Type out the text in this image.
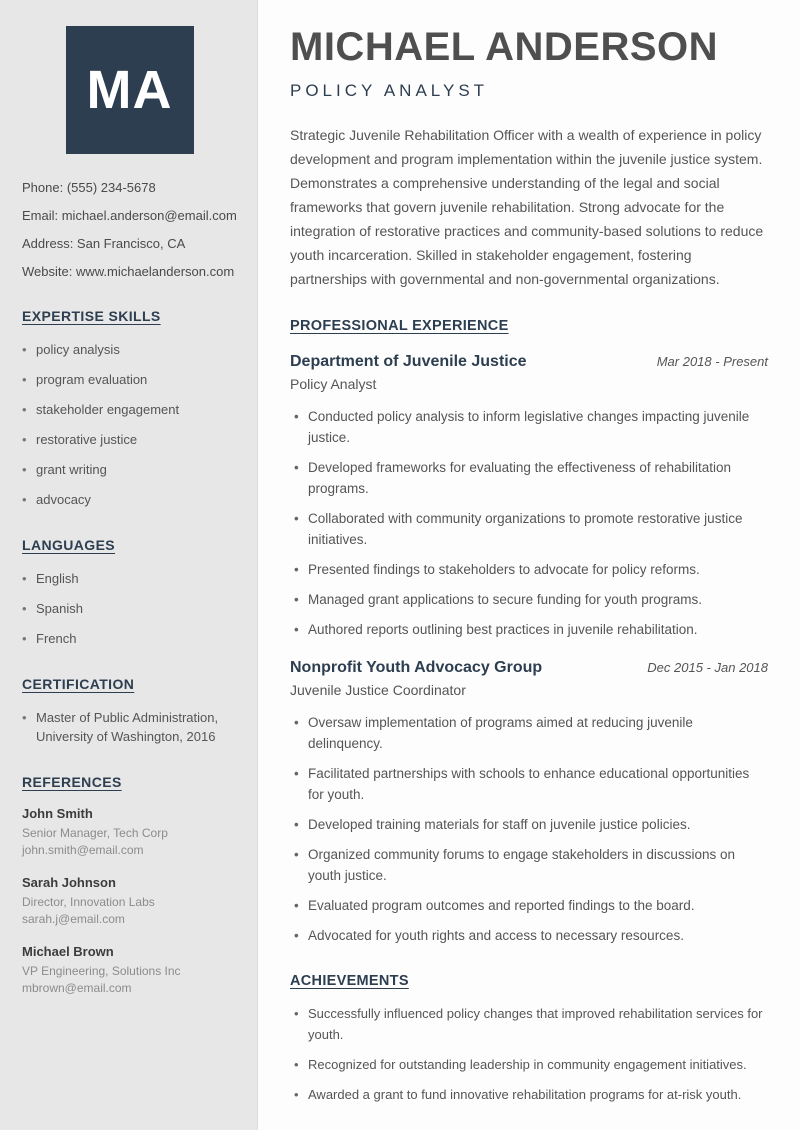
MA
Phone: (555) 234-5678
Email: michael.anderson@email.com
Address: San Francisco, CA
Website: www.michaelanderson.com
EXPERTISE SKILLS
• policy analysis
• program evaluation
• stakeholder engagement
• restorative justice
• grant writing
• advocacy
LANGUAGES
• English
• Spanish
• French
CERTIFICATION
• Master of Public Administration, University of Washington, 2016
REFERENCES
John Smith
Senior Manager, Tech Corp
john.smith@email.com
Sarah Johnson
Director, Innovation Labs
sarah.j@email.com
Michael Brown
VP Engineering, Solutions Inc
mbrown@email.com
MICHAEL ANDERSON
POLICY ANALYST

Strategic Juvenile Rehabilitation Officer with a wealth of experience in policy development and program implementation within the juvenile justice system. Demonstrates a comprehensive understanding of the legal and social frameworks that govern juvenile rehabilitation. Strong advocate for the integration of restorative practices and community-based solutions to reduce youth incarceration. Skilled in stakeholder engagement, fostering partnerships with governmental and non-governmental organizations.

PROFESSIONAL EXPERIENCE
Department of Juvenile Justice	Mar 2018 - Present
Policy Analyst
• Conducted policy analysis to inform legislative changes impacting juvenile justice.
• Developed frameworks for evaluating the effectiveness of rehabilitation programs.
• Collaborated with community organizations to promote restorative justice initiatives.
• Presented findings to stakeholders to advocate for policy reforms.
• Managed grant applications to secure funding for youth programs.
• Authored reports outlining best practices in juvenile rehabilitation.
Nonprofit Youth Advocacy Group	Dec 2015 - Jan 2018
Juvenile Justice Coordinator
• Oversaw implementation of programs aimed at reducing juvenile delinquency.
• Facilitated partnerships with schools to enhance educational opportunities for youth.
• Developed training materials for staff on juvenile justice policies.
• Organized community forums to engage stakeholders in discussions on youth justice.
• Evaluated program outcomes and reported findings to the board.
• Advocated for youth rights and access to necessary resources.
ACHIEVEMENTS
• Successfully influenced policy changes that improved rehabilitation services for youth.
• Recognized for outstanding leadership in community engagement initiatives.
• Awarded a grant to fund innovative rehabilitation programs for at-risk youth.
